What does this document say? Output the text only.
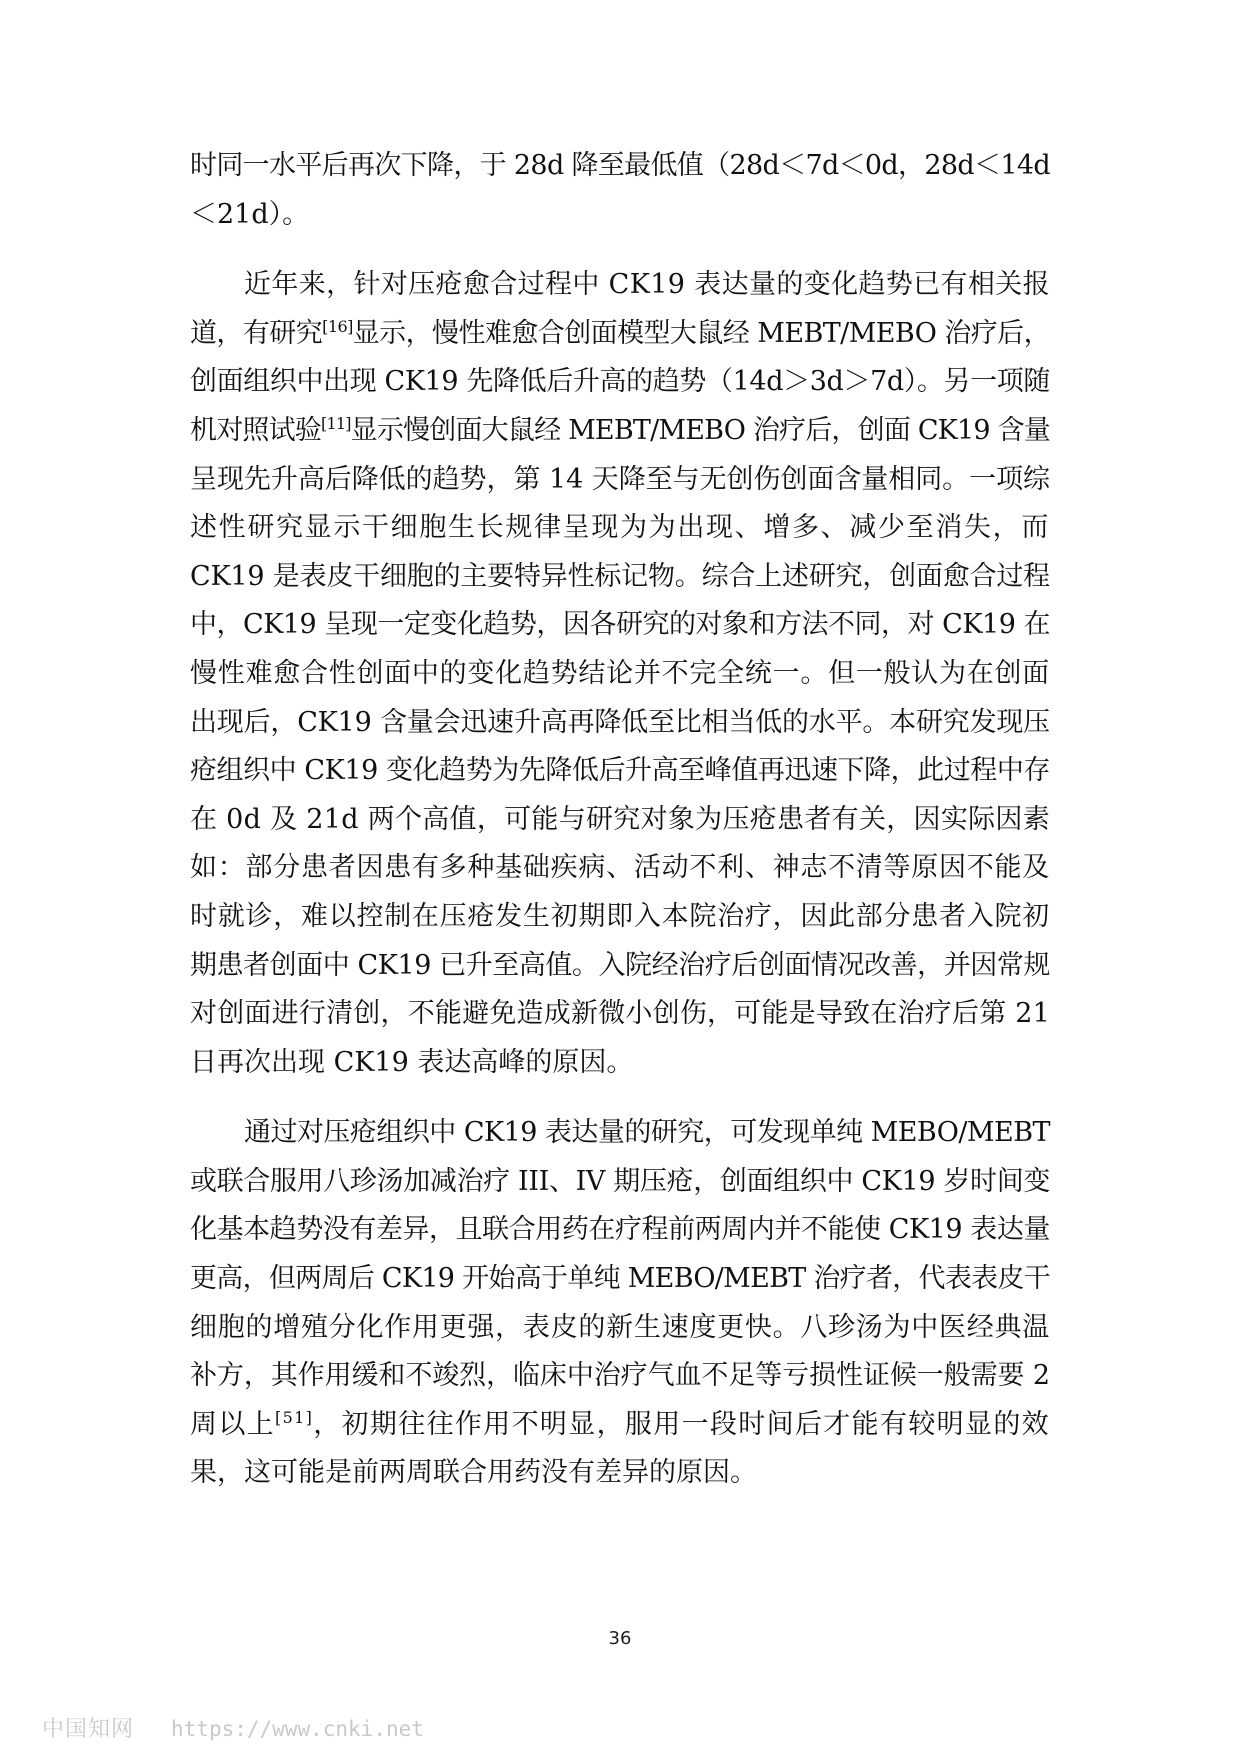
时同一水平后再次下降，于 28d 降至最低值（28d＜7d＜0d，28d＜14d
＜21d）。
近年来，针对压疮愈合过程中 CK19 表达量的变化趋势已有相关报
道，有研究[16]显示，慢性难愈合创面模型大鼠经 MEBT/MEBO 治疗后，
创面组织中出现 CK19 先降低后升高的趋势（14d＞3d＞7d）。另一项随
机对照试验[11]显示慢创面大鼠经 MEBT/MEBO 治疗后，创面 CK19 含量
呈现先升高后降低的趋势，第 14 天降至与无创伤创面含量相同。一项综
述性研究显示干细胞生长规律呈现为为出现、增多、减少至消失，而
CK19 是表皮干细胞的主要特异性标记物。综合上述研究，创面愈合过程
中，CK19 呈现一定变化趋势，因各研究的对象和方法不同，对 CK19 在
慢性难愈合性创面中的变化趋势结论并不完全统一。但一般认为在创面
出现后，CK19 含量会迅速升高再降低至比相当低的水平。本研究发现压
疮组织中 CK19 变化趋势为先降低后升高至峰值再迅速下降，此过程中存
在 0d 及 21d 两个高值，可能与研究对象为压疮患者有关，因实际因素
如：部分患者因患有多种基础疾病、活动不利、神志不清等原因不能及
时就诊，难以控制在压疮发生初期即入本院治疗，因此部分患者入院初
期患者创面中 CK19 已升至高值。入院经治疗后创面情况改善，并因常规
对创面进行清创，不能避免造成新微小创伤，可能是导致在治疗后第 21
日再次出现 CK19 表达高峰的原因。
通过对压疮组织中 CK19 表达量的研究，可发现单纯 MEBO/MEBT
或联合服用八珍汤加减治疗 III、IV 期压疮，创面组织中 CK19 岁时间变
化基本趋势没有差异，且联合用药在疗程前两周内并不能使 CK19 表达量
更高，但两周后 CK19 开始高于单纯 MEBO/MEBT 治疗者，代表表皮干
细胞的增殖分化作用更强，表皮的新生速度更快。八珍汤为中医经典温
补方，其作用缓和不竣烈，临床中治疗气血不足等亏损性证候一般需要 2
周以上[51]，初期往往作用不明显，服用一段时间后才能有较明显的效
果，这可能是前两周联合用药没有差异的原因。
36
中国知网 https://www.cnki.net
